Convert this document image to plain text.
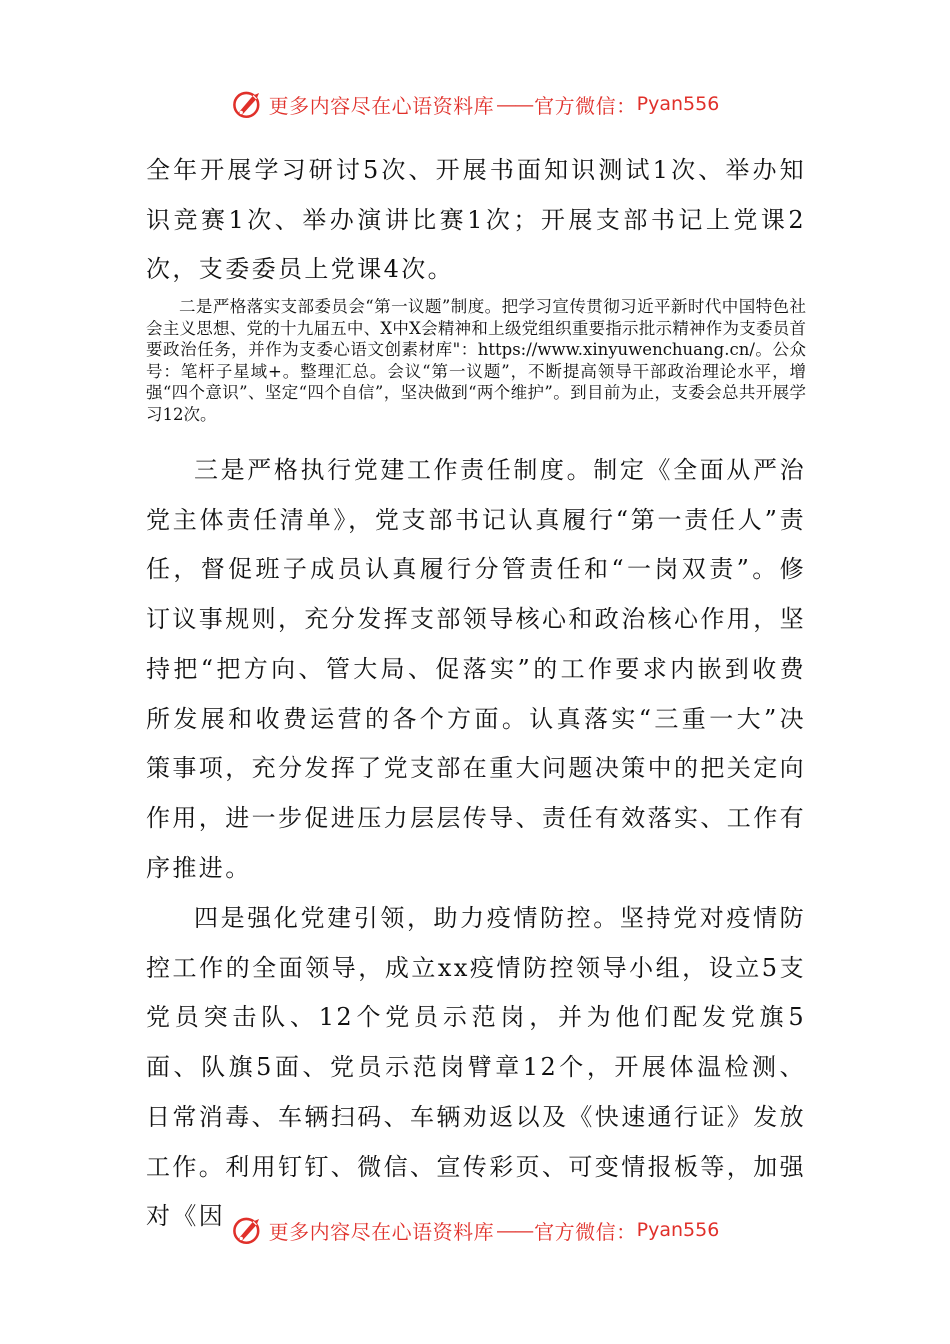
更多内容尽在心语资料库 —— 官方微信： Pyan556

全年开展学习研讨5次、开展书面知识测试1次、举办知识竞赛1次、举办演讲比赛1次；开展支部书记上党课2次，支委委员上党课4次。

二是严格落实支部委员会“第一议题”制度。把学习宣传贯彻习近平新时代中国特色社会主义思想、党的十九届五中、X中X会精神和上级党组织重要指示批示精神作为支委员首要政治任务，并作为支委心语文创素材库"：https://www.xinyuwenchuang.cn/。公众号：笔杆子星域+。整理汇总。会议“第一议题”，不断提高领导干部政治理论水平，增强“四个意识”、坚定“四个自信”，坚决做到“两个维护”。到目前为止，支委会总共开展学习12次。

三是严格执行党建工作责任制度。制定《全面从严治党主体责任清单》，党支部书记认真履行“第一责任人”责任，督促班子成员认真履行分管责任和“一岗双责”。修订议事规则，充分发挥支部领导核心和政治核心作用，坚持把“把方向、管大局、促落实”的工作要求内嵌到收费所发展和收费运营的各个方面。认真落实“三重一大”决策事项，充分发挥了党支部在重大问题决策中的把关定向作用，进一步促进压力层层传导、责任有效落实、工作有序推进。

四是强化党建引领，助力疫情防控。坚持党对疫情防控工作的全面领导，成立xx疫情防控领导小组，设立5支党员突击队、12个党员示范岗，并为他们配发党旗5面、队旗5面、党员示范岗臂章12个，开展体温检测、日常消毒、车辆扫码、车辆劝返以及《快速通行证》发放工作。利用钉钉、微信、宣传彩页、可变情报板等，加强对《因

更多内容尽在心语资料库 —— 官方微信： Pyan556
